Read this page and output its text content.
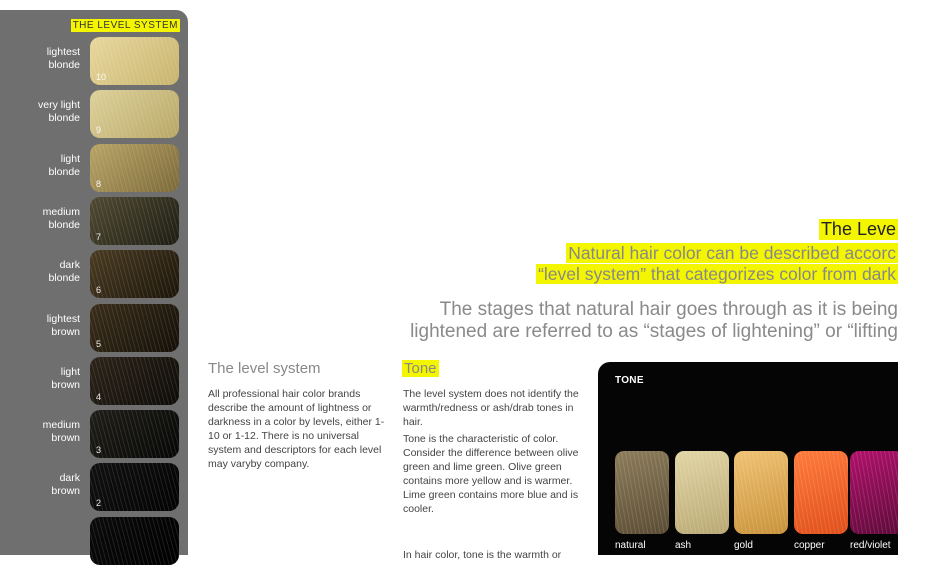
THE LEVEL SYSTEM
lightest
blonde
10
very light
blonde
9
light
blonde
8
medium
blonde
7
dark
blonde
6
lightest
brown
5
light
brown
4
medium
brown
3
dark
brown
2
The Leve
Natural hair color can be described accorc
“level system” that categorizes color from dark
The stages that natural hair goes through as it is being
lightened are referred to as “stages of lightening” or “lifting
The level system
All professional hair color brands describe the amount of lightness or darkness in a color by levels, either 1-10 or 1-12. There is no universal system and descriptors for each level may varyby company.
Tone
The level system does not identify the warmth/redness or ash/drab tones in hair.
Tone is the characteristic of color. Consider the difference between olive green and lime green. Olive green contains more yellow and is warmer. Lime green contains more blue and is cooler.
In hair color, tone is the warmth or
TONE
natural	ash	gold	copper	red/violet
